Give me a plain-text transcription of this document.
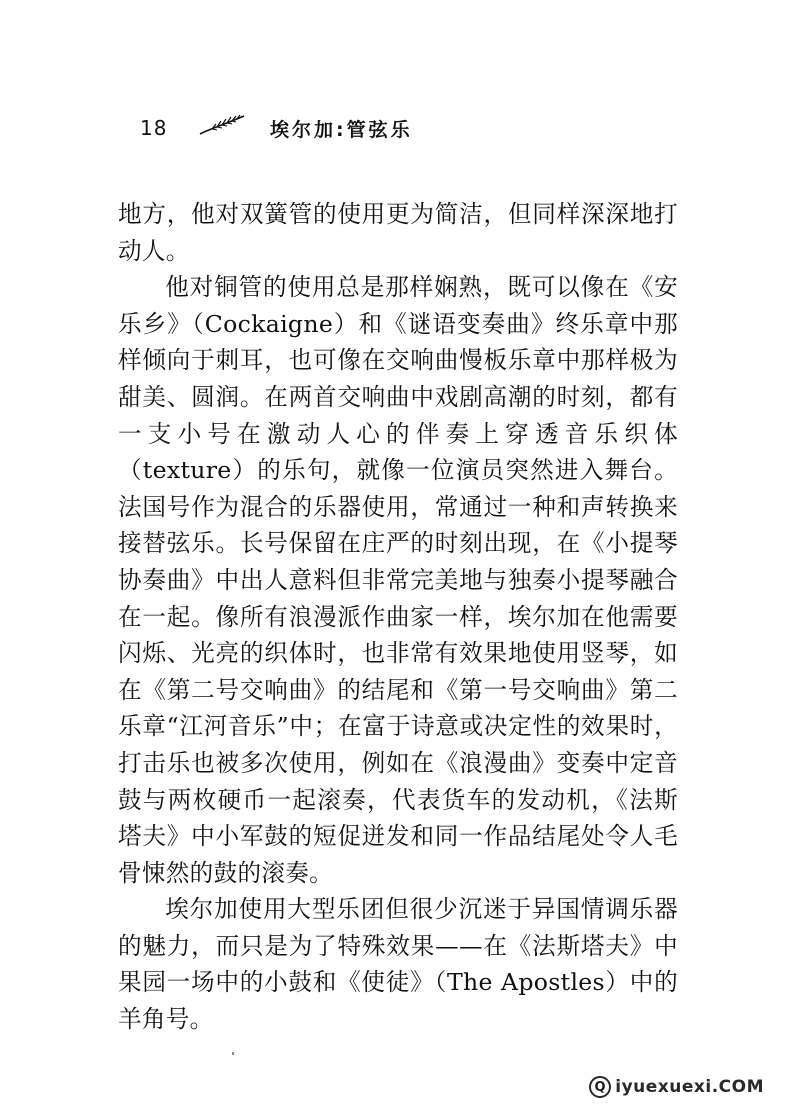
18	埃尔加:管弦乐

地方，他对双簧管的使用更为简洁，但同样深深地打动人。

他对铜管的使用总是那样娴熟，既可以像在《安乐乡》（Cockaigne）和《谜语变奏曲》终乐章中那样倾向于刺耳，也可像在交响曲慢板乐章中那样极为甜美、圆润。在两首交响曲中戏剧高潮的时刻，都有一支小号在激动人心的伴奏上穿透音乐织体（texture）的乐句，就像一位演员突然进入舞台。法国号作为混合的乐器使用，常通过一种和声转换来接替弦乐。长号保留在庄严的时刻出现，在《小提琴协奏曲》中出人意料但非常完美地与独奏小提琴融合在一起。像所有浪漫派作曲家一样，埃尔加在他需要闪烁、光亮的织体时，也非常有效果地使用竖琴，如在《第二号交响曲》的结尾和《第一号交响曲》第二乐章“江河音乐”中；在富于诗意或决定性的效果时，打击乐也被多次使用，例如在《浪漫曲》变奏中定音鼓与两枚硬币一起滚奏，代表货车的发动机，《法斯塔夫》中小军鼓的短促迸发和同一作品结尾处令人毛骨悚然的鼓的滚奏。

埃尔加使用大型乐团但很少沉迷于异国情调乐器的魅力，而只是为了特殊效果——在《法斯塔夫》中果园一场中的小鼓和《使徒》（The Apostles）中的羊角号。

Q iyuexuexi.COM
